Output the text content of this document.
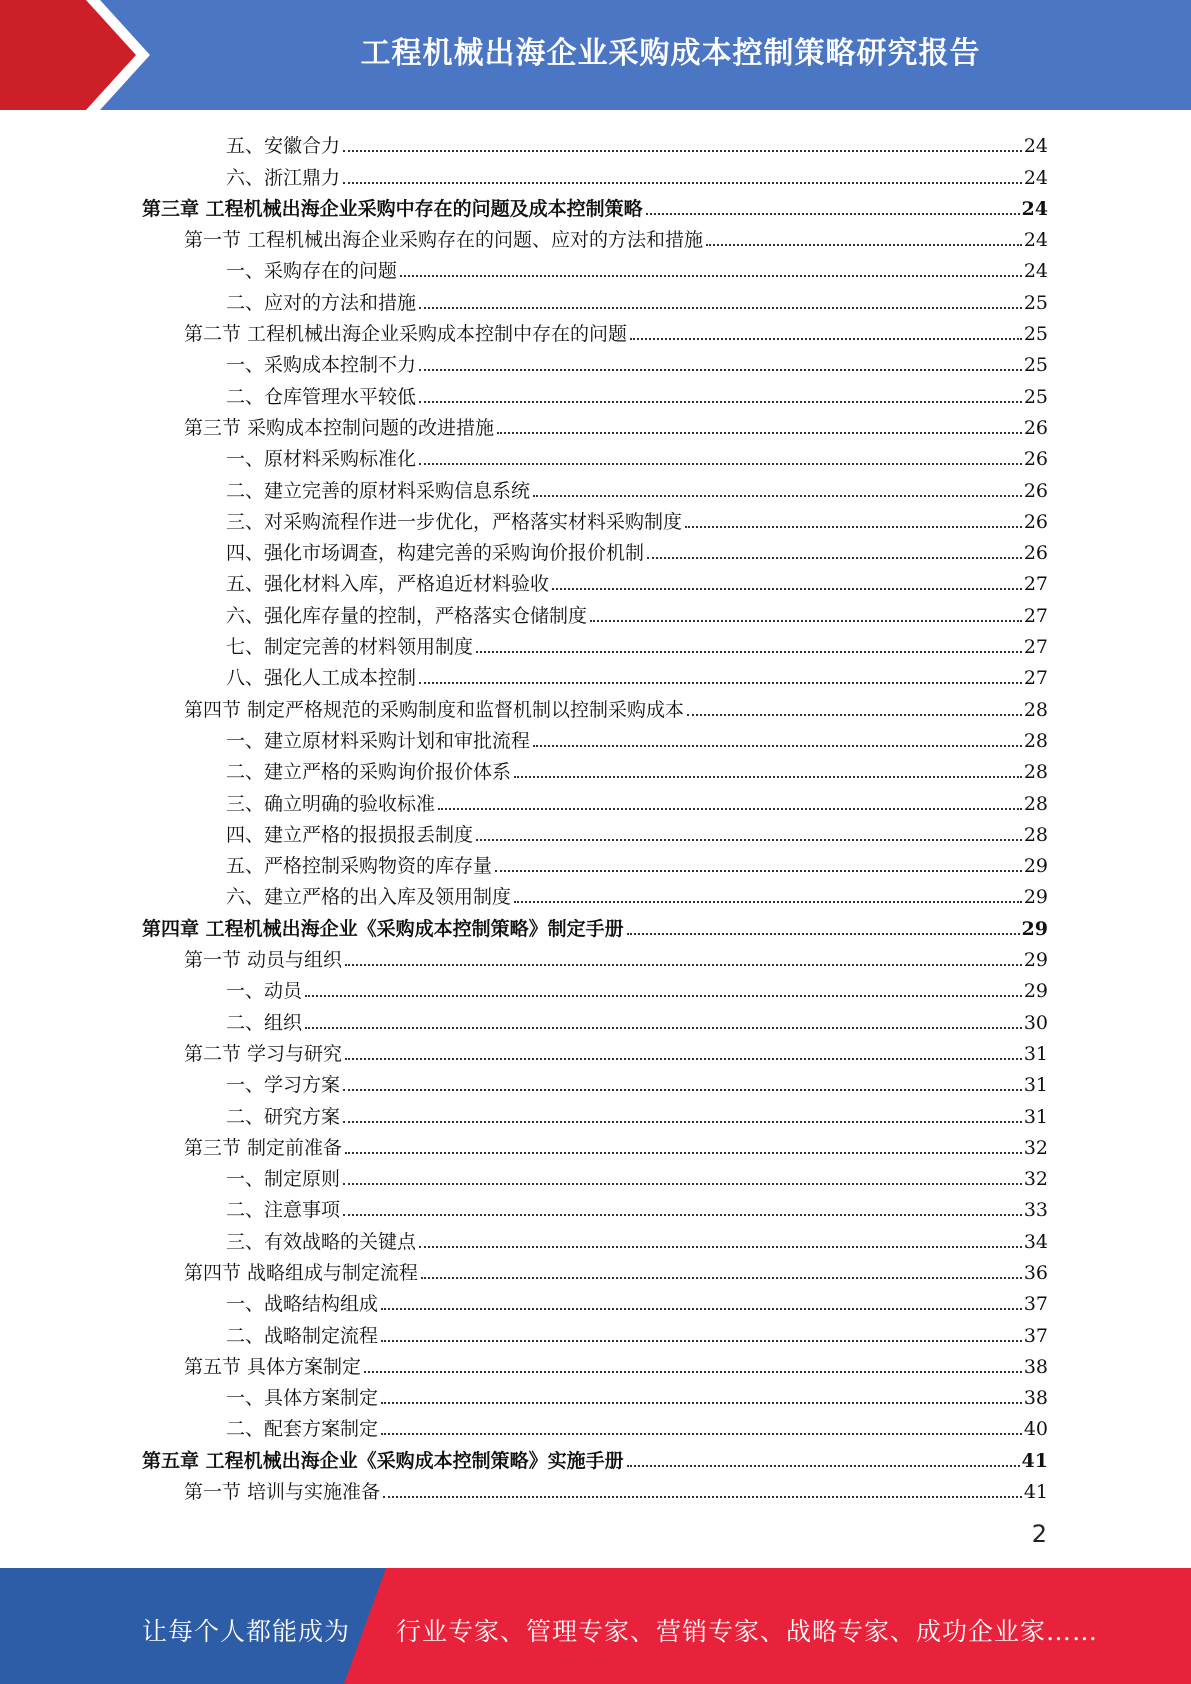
工程机械出海企业采购成本控制策略研究报告
五、安徽合力	24
六、浙江鼎力	24
第三章 工程机械出海企业采购中存在的问题及成本控制策略	24
第一节 工程机械出海企业采购存在的问题、应对的方法和措施	24
一、采购存在的问题	24
二、应对的方法和措施	25
第二节 工程机械出海企业采购成本控制中存在的问题	25
一、采购成本控制不力	25
二、仓库管理水平较低	25
第三节 采购成本控制问题的改进措施	26
一、原材料采购标准化	26
二、建立完善的原材料采购信息系统	26
三、对采购流程作进一步优化，严格落实材料采购制度	26
四、强化市场调查，构建完善的采购询价报价机制	26
五、强化材料入库，严格追近材料验收	27
六、强化库存量的控制，严格落实仓储制度	27
七、制定完善的材料领用制度	27
八、强化人工成本控制	27
第四节 制定严格规范的采购制度和监督机制以控制采购成本	28
一、建立原材料采购计划和审批流程	28
二、建立严格的采购询价报价体系	28
三、确立明确的验收标准	28
四、建立严格的报损报丢制度	28
五、严格控制采购物资的库存量	29
六、建立严格的出入库及领用制度	29
第四章 工程机械出海企业《采购成本控制策略》制定手册	29
第一节 动员与组织	29
一、动员	29
二、组织	30
第二节 学习与研究	31
一、学习方案	31
二、研究方案	31
第三节 制定前准备	32
一、制定原则	32
二、注意事项	33
三、有效战略的关键点	34
第四节 战略组成与制定流程	36
一、战略结构组成	37
二、战略制定流程	37
第五节 具体方案制定	38
一、具体方案制定	38
二、配套方案制定	40
第五章 工程机械出海企业《采购成本控制策略》实施手册	41
第一节 培训与实施准备	41
2
让每个人都能成为 行业专家、管理专家、营销专家、战略专家、成功企业家……
